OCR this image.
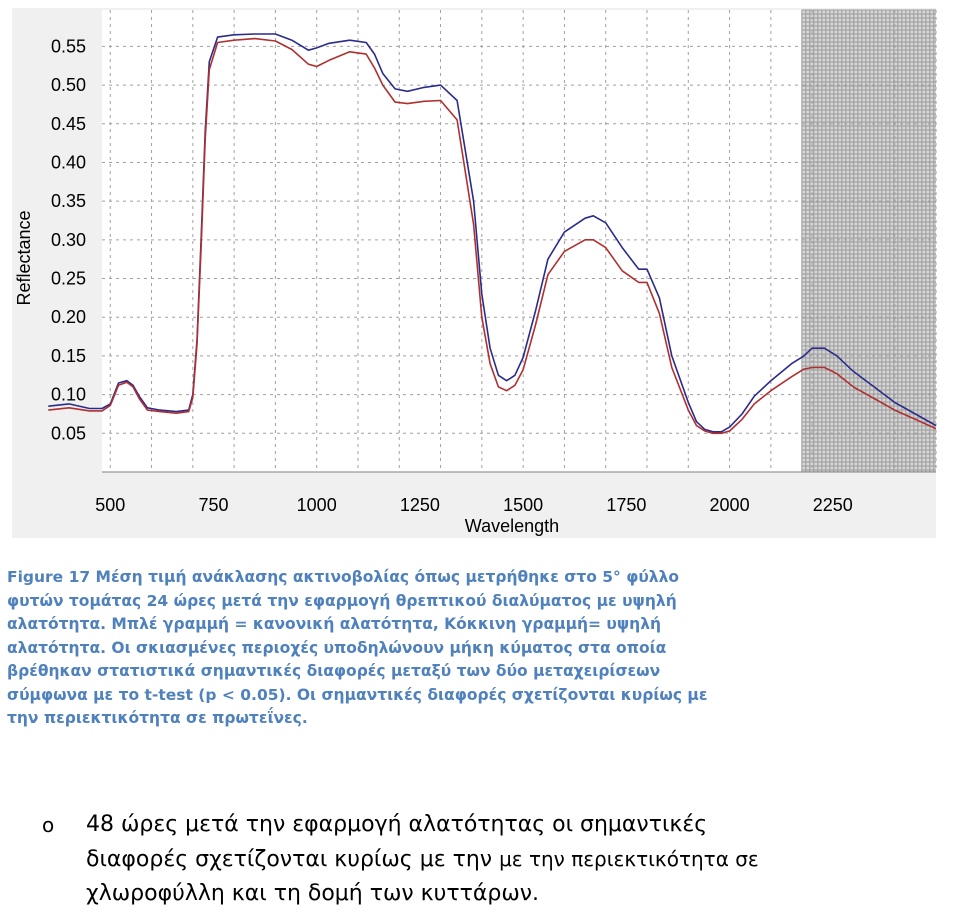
500	750	1000	1250	1500	1750	2000	2250
0.05
0.10
0.15
0.20
0.25
0.30
0.35
0.40
0.45
0.50
0.55
Wavelength
Reflectance
Figure 17 Μέση τιμή ανάκλασης ακτινοβολίας όπως μετρήθηκε στο 5° φύλλο
φυτών τομάτας 24 ώρες μετά την εφαρμογή θρεπτικού διαλύματος με υψηλή
αλατότητα. Μπλέ γραμμή = κανονική αλατότητα, Κόκκινη γραμμή= υψηλή
αλατότητα. Οι σκιασμένες περιοχές υποδηλώνουν μήκη κύματος στα οποία
βρέθηκαν στατιστικά σημαντικές διαφορές μεταξύ των δύο μεταχειρίσεων
σύμφωνα με το t-test (p < 0.05). Οι σημαντικές διαφορές σχετίζονται κυρίως με
την περιεκτικότητα σε πρωτεΐνες.
o 48 ώρες μετά την εφαρμογή αλατότητας οι σημαντικές
διαφορές σχετίζονται κυρίως με την με την περιεκτικότητα σε
χλωροφύλλη και τη δομή των κυττάρων.
